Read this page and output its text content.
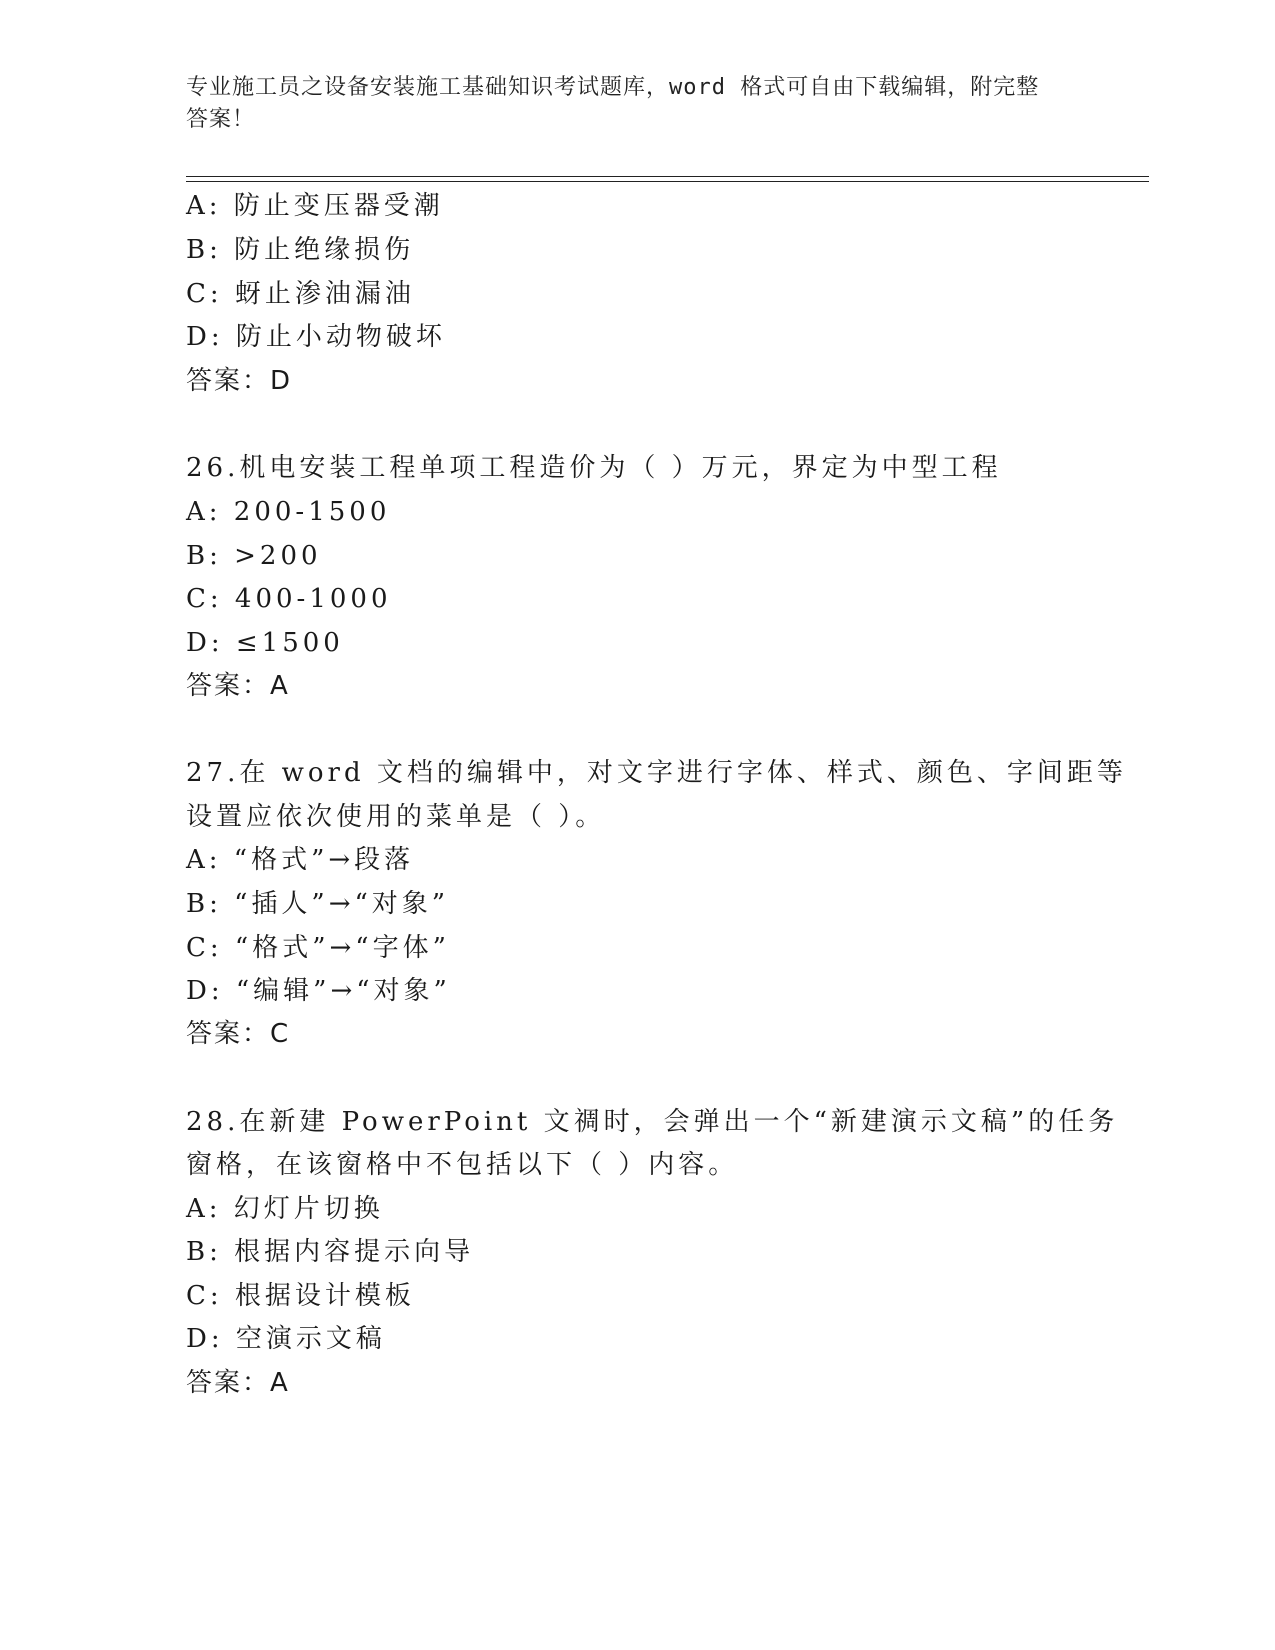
专业施工员之设备安装施工基础知识考试题库，word 格式可自由下载编辑，附完整答案！
A: 防止变压器受潮
B: 防止绝缘损伤
C: 蚜止渗油漏油
D: 防止小动物破坏
答案：D
26.机电安装工程单项工程造价为（ ）万元，界定为中型工程
A: 200-1500
B: >200
C: 400-1000
D: ≤1500
答案：A
27.在 word 文档的编辑中，对文字进行字体、样式、颜色、字间距等
设置应依次使用的菜单是（ ）。
A: “格式”→段落
B: “插人”→“对象”
C: “格式”→“字体”
D: “编辑”→“对象”
答案：C
28.在新建 PowerPoint 文禂时，会弹出一个“新建演示文稿”的任务
窗格，在该窗格中不包括以下（ ）内容。
A: 幻灯片切换
B: 根据内容提示向导
C: 根据设计模板
D: 空演示文稿
答案：A
